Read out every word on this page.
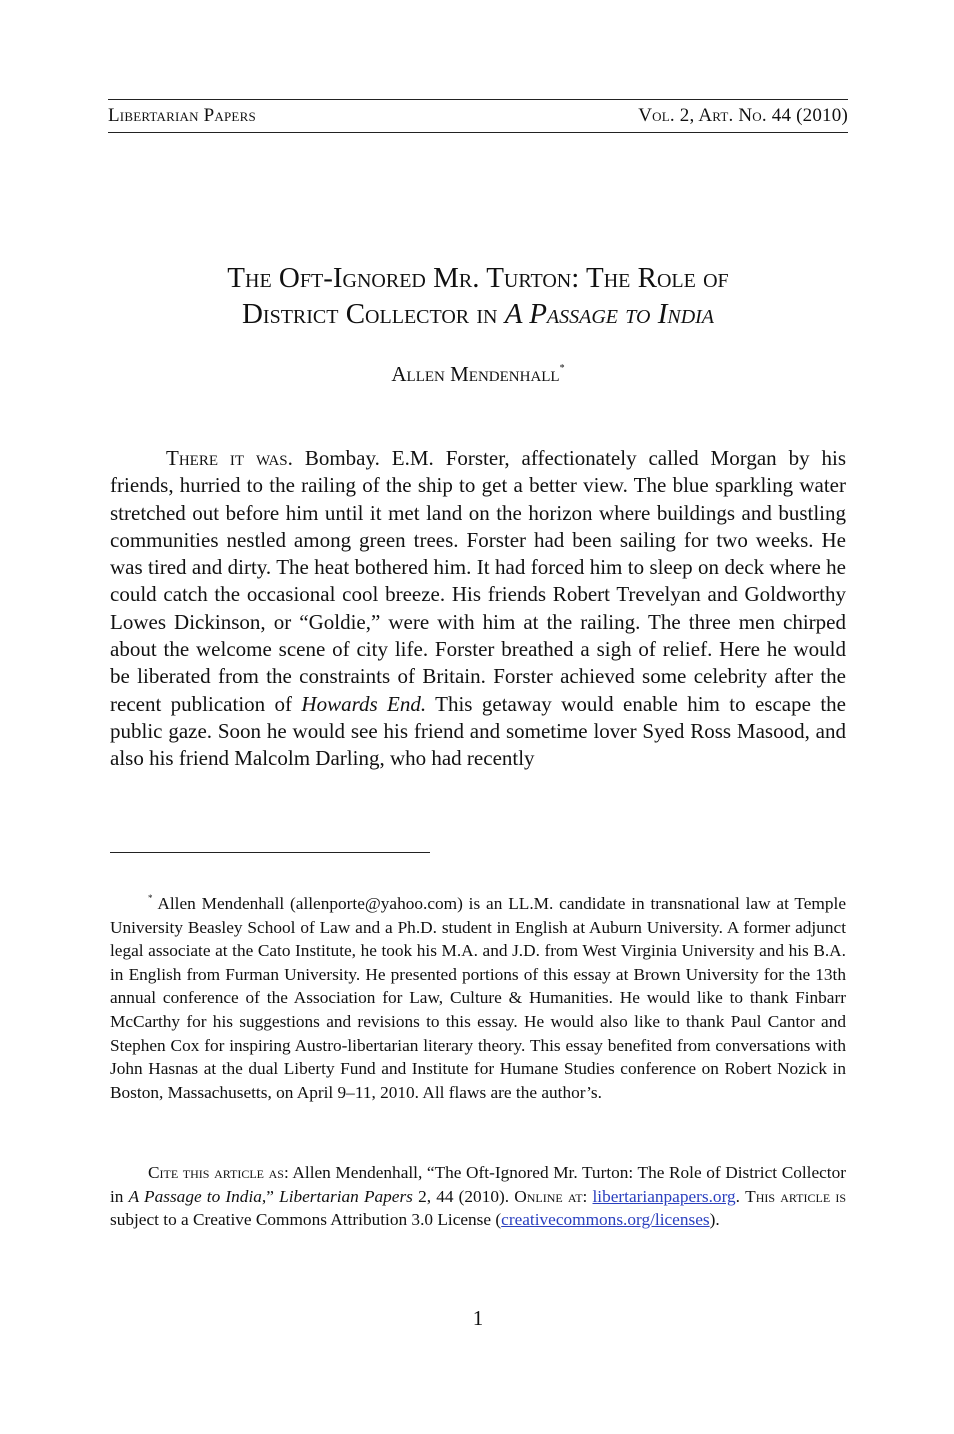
Libertarian Papers	Vol. 2, Art. No. 44 (2010)
The Oft-Ignored Mr. Turton: The Role of
District Collector in A Passage to India
Allen Mendenhall*

There it was. Bombay. E.M. Forster, affectionately called Morgan by his friends, hurried to the railing of the ship to get a better view. The blue sparkling water stretched out before him until it met land on the horizon where buildings and bustling communities nestled among green trees. Forster had been sailing for two weeks. He was tired and dirty. The heat bothered him. It had forced him to sleep on deck where he could catch the occasional cool breeze. His friends Robert Trevelyan and Goldworthy Lowes Dickinson, or “Goldie,” were with him at the railing. The three men chirped about the welcome scene of city life. Forster breathed a sigh of relief. Here he would be liberated from the constraints of Britain. Forster achieved some celebrity after the recent publication of Howards End. This getaway would enable him to escape the public gaze. Soon he would see his friend and sometime lover Syed Ross Masood, and also his friend Malcolm Darling, who had recently

* Allen Mendenhall (allenporte@yahoo.com) is an LL.M. candidate in transnational law at Temple University Beasley School of Law and a Ph.D. student in English at Auburn University. A former adjunct legal associate at the Cato Institute, he took his M.A. and J.D. from West Virginia University and his B.A. in English from Furman University. He presented portions of this essay at Brown University for the 13th annual conference of the Association for Law, Culture & Humanities. He would like to thank Finbarr McCarthy for his suggestions and revisions to this essay. He would also like to thank Paul Cantor and Stephen Cox for inspiring Austro-libertarian literary theory. This essay benefited from conversations with John Hasnas at the dual Liberty Fund and Institute for Humane Studies conference on Robert Nozick in Boston, Massachusetts, on April 9–11, 2010. All flaws are the author’s.

Cite this article as: Allen Mendenhall, “The Oft-Ignored Mr. Turton: The Role of District Collector in A Passage to India,” Libertarian Papers 2, 44 (2010). Online at: libertarianpapers.org. This article is subject to a Creative Commons Attribution 3.0 License (creativecommons.org/licenses).

1
